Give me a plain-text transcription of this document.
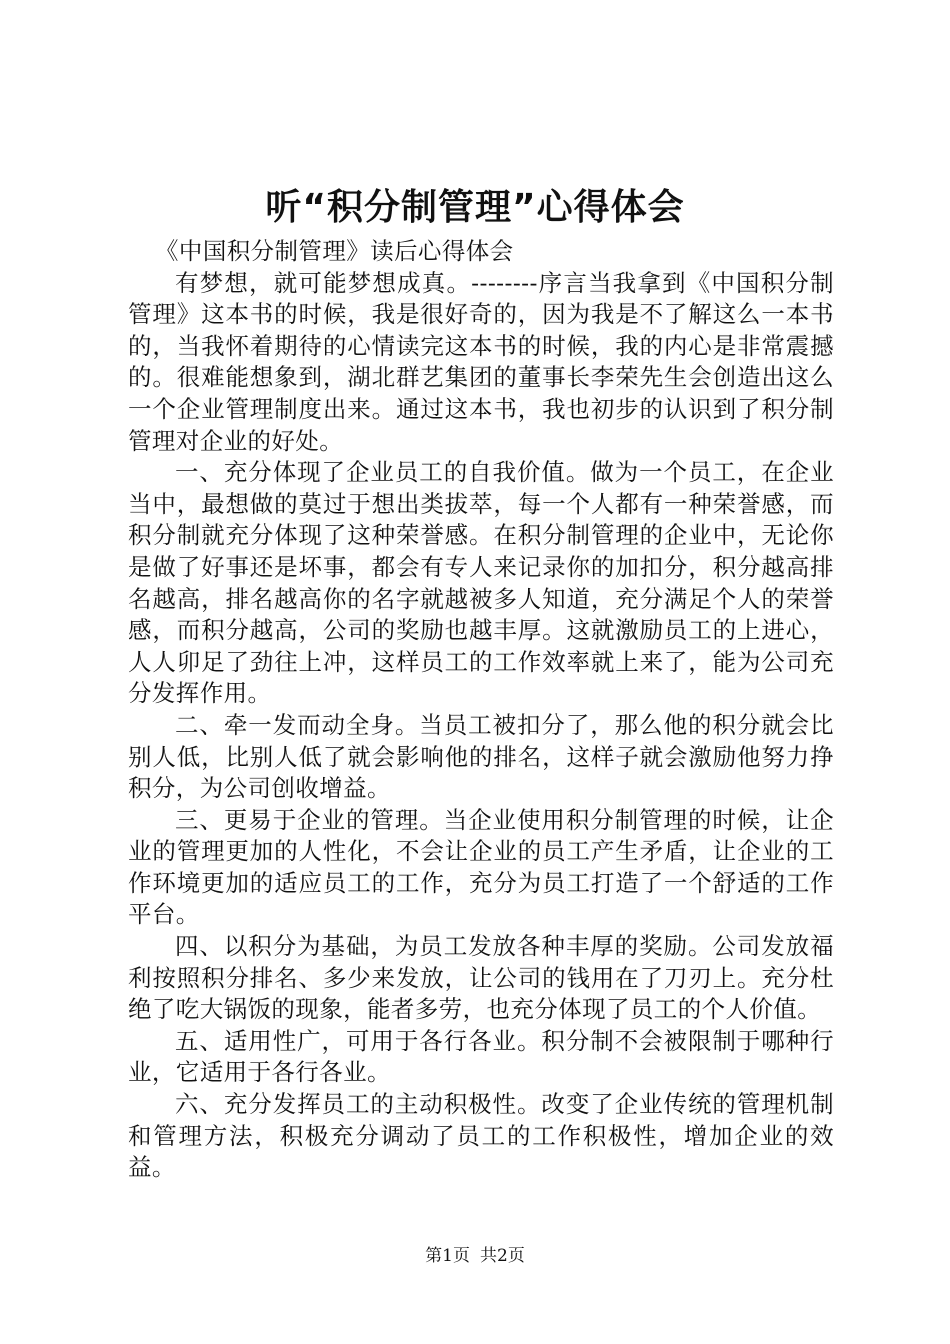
听“积分制管理”心得体会

《中国积分制管理》读后心得体会

有梦想，就可能梦想成真。--------序言当我拿到《中国积分制管理》这本书的时候，我是很好奇的，因为我是不了解这么一本书的，当我怀着期待的心情读完这本书的时候，我的内心是非常震撼的。很难能想象到，湖北群艺集团的董事长李荣先生会创造出这么一个企业管理制度出来。通过这本书，我也初步的认识到了积分制管理对企业的好处。

一、充分体现了企业员工的自我价值。做为一个员工，在企业当中，最想做的莫过于想出类拔萃，每一个人都有一种荣誉感，而积分制就充分体现了这种荣誉感。在积分制管理的企业中，无论你是做了好事还是坏事，都会有专人来记录你的加扣分，积分越高排名越高，排名越高你的名字就越被多人知道，充分满足个人的荣誉感，而积分越高，公司的奖励也越丰厚。这就激励员工的上进心，人人卯足了劲往上冲，这样员工的工作效率就上来了，能为公司充分发挥作用。

二、牵一发而动全身。当员工被扣分了，那么他的积分就会比别人低，比别人低了就会影响他的排名，这样子就会激励他努力挣积分，为公司创收增益。

三、更易于企业的管理。当企业使用积分制管理的时候，让企业的管理更加的人性化，不会让企业的员工产生矛盾，让企业的工作环境更加的适应员工的工作，充分为员工打造了一个舒适的工作平台。

四、以积分为基础，为员工发放各种丰厚的奖励。公司发放福利按照积分排名、多少来发放，让公司的钱用在了刀刃上。充分杜绝了吃大锅饭的现象，能者多劳，也充分体现了员工的个人价值。

五、适用性广，可用于各行各业。积分制不会被限制于哪种行业，它适用于各行各业。

六、充分发挥员工的主动积极性。改变了企业传统的管理机制和管理方法，积极充分调动了员工的工作积极性，增加企业的效益。

第1页 共2页
